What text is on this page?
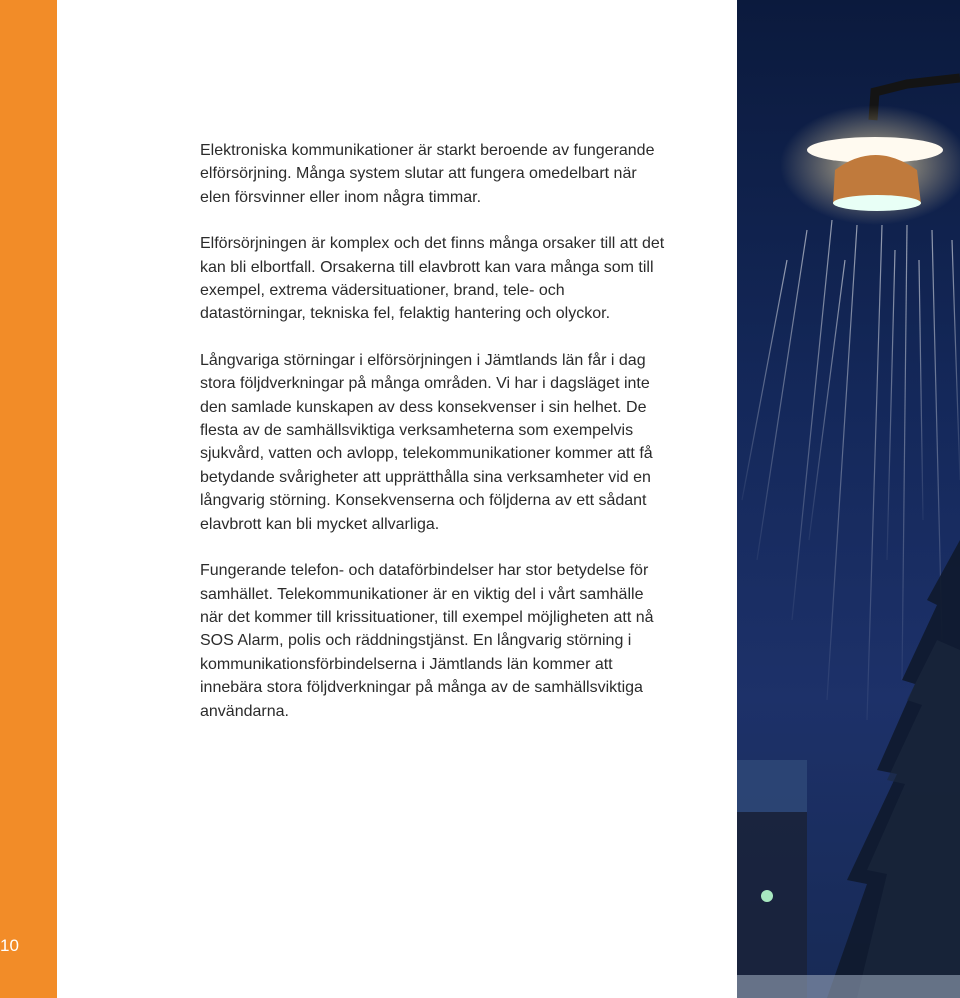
10

Elektroniska kommunikationer är starkt beroende av fungerande elförsörjning. Många system slutar att fungera omedelbart när elen försvinner eller inom några timmar.

Elförsörjningen är komplex och det finns många orsaker till att det kan bli elbortfall. Orsakerna till elavbrott kan vara många som till exempel, extrema vädersituationer, brand, tele- och datastörningar, tekniska fel, felaktig hantering och olyckor.

Långvariga störningar i elförsörjningen i Jämtlands län får i dag stora följdverkningar på många områden. Vi har i dagsläget inte den samlade kunskapen av dess konsekvenser i sin helhet. De flesta av de samhällsviktiga verksamheterna som exempelvis sjukvård, vatten och avlopp, telekommunikationer kommer att få betydande svårigheter att upprätthålla sina verksamheter vid en långvarig störning. Konsekvenserna och följderna av ett sådant elavbrott kan bli mycket allvarliga.

Fungerande telefon- och dataförbindelser har stor betydelse för samhället. Telekommunikationer är en viktig del i vårt samhälle när det kommer till krissituationer, till exempel möjligheten att nå SOS Alarm, polis och räddningstjänst. En långvarig störning i kommunikationsförbindelserna i Jämtlands län kommer att innebära stora följdverkningar på många av de samhällsviktiga användarna.
